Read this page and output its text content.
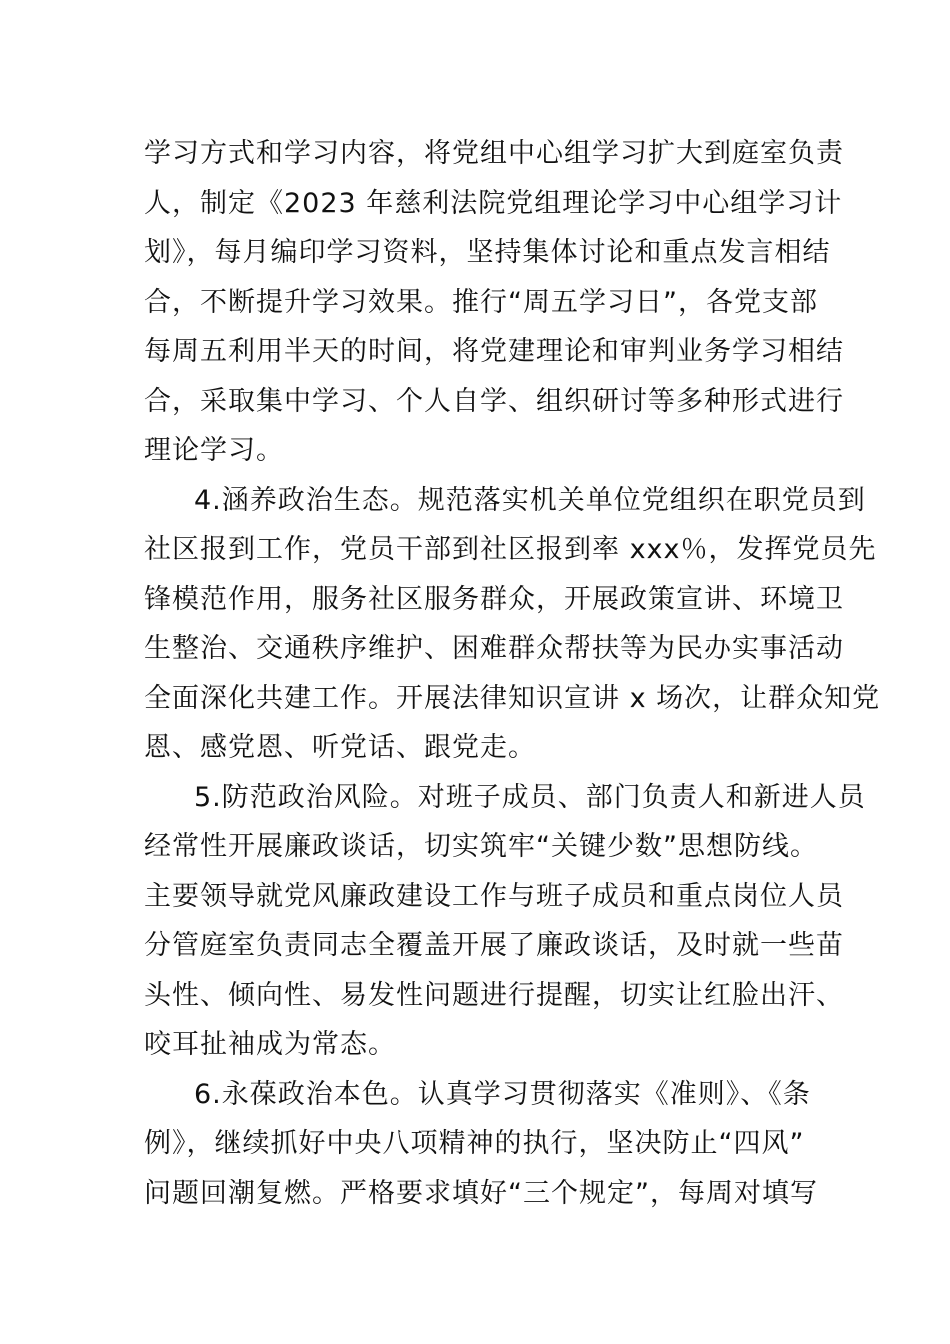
学习方式和学习内容，将党组中心组学习扩大到庭室负责
人，制定《2023 年慈利法院党组理论学习中心组学习计
划》，每月编印学习资料，坚持集体讨论和重点发言相结
合，不断提升学习效果。推行“周五学习日”，各党支部
每周五利用半天的时间，将党建理论和审判业务学习相结
合，采取集中学习、个人自学、组织研讨等多种形式进行
理论学习。
4.涵养政治生态。规范落实机关单位党组织在职党员到
社区报到工作，党员干部到社区报到率 xxx％，发挥党员先
锋模范作用，服务社区服务群众，开展政策宣讲、环境卫
生整治、交通秩序维护、困难群众帮扶等为民办实事活动
全面深化共建工作。开展法律知识宣讲 x 场次，让群众知党
恩、感党恩、听党话、跟党走。
5.防范政治风险。对班子成员、部门负责人和新进人员
经常性开展廉政谈话，切实筑牢“关键少数”思想防线。
主要领导就党风廉政建设工作与班子成员和重点岗位人员
分管庭室负责同志全覆盖开展了廉政谈话，及时就一些苗
头性、倾向性、易发性问题进行提醒，切实让红脸出汗、
咬耳扯袖成为常态。
6.永葆政治本色。认真学习贯彻落实《准则》、《条
例》，继续抓好中央八项精神的执行，坚决防止“四风”
问题回潮复燃。严格要求填好“三个规定”，每周对填写
